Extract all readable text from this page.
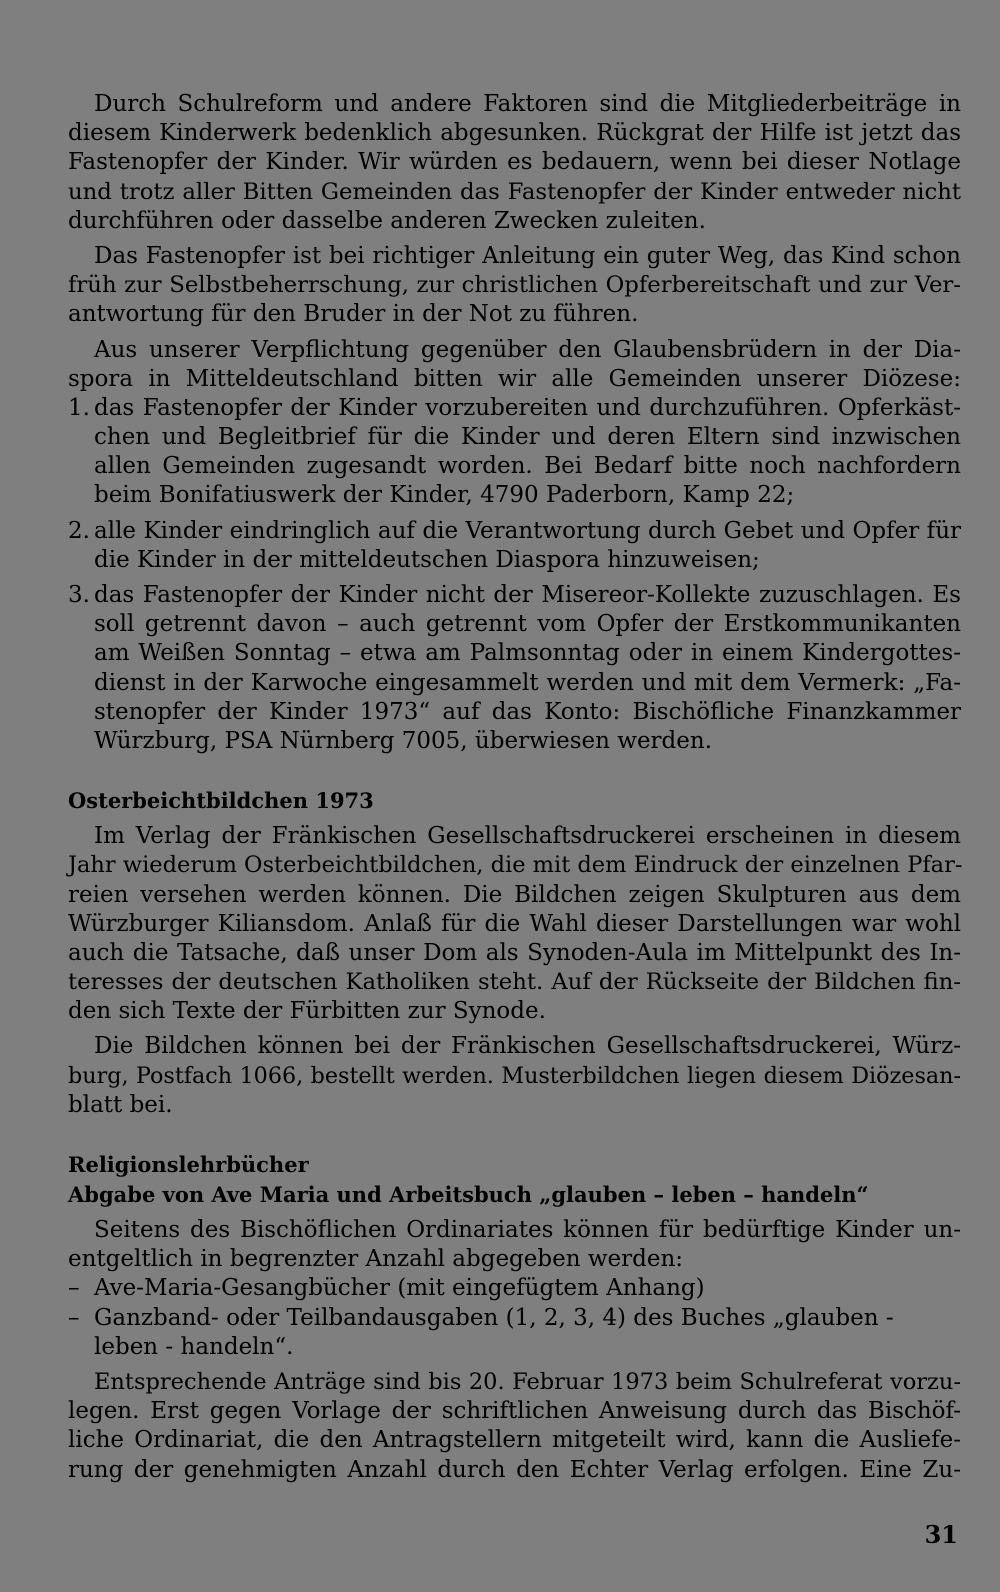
Durch Schulreform und andere Faktoren sind die Mitgliederbeiträge in
diesem Kinderwerk bedenklich abgesunken. Rückgrat der Hilfe ist jetzt das
Fastenopfer der Kinder. Wir würden es bedauern, wenn bei dieser Notlage
und trotz aller Bitten Gemeinden das Fastenopfer der Kinder entweder nicht
durchführen oder dasselbe anderen Zwecken zuleiten.
Das Fastenopfer ist bei richtiger Anleitung ein guter Weg, das Kind schon
früh zur Selbstbeherrschung, zur christlichen Opferbereitschaft und zur Ver-
antwortung für den Bruder in der Not zu führen.
Aus unserer Verpflichtung gegenüber den Glaubensbrüdern in der Dia-
spora in Mitteldeutschland bitten wir alle Gemeinden unserer Diözese:
1. das Fastenopfer der Kinder vorzubereiten und durchzuführen. Opferkäst-
chen und Begleitbrief für die Kinder und deren Eltern sind inzwischen
allen Gemeinden zugesandt worden. Bei Bedarf bitte noch nachfordern
beim Bonifatiuswerk der Kinder, 4790 Paderborn, Kamp 22;
2. alle Kinder eindringlich auf die Verantwortung durch Gebet und Opfer für
die Kinder in der mitteldeutschen Diaspora hinzuweisen;
3. das Fastenopfer der Kinder nicht der Misereor-Kollekte zuzuschlagen. Es
soll getrennt davon – auch getrennt vom Opfer der Erstkommunikanten
am Weißen Sonntag – etwa am Palmsonntag oder in einem Kindergottes-
dienst in der Karwoche eingesammelt werden und mit dem Vermerk: „Fa-
stenopfer der Kinder 1973“ auf das Konto: Bischöfliche Finanzkammer
Würzburg, PSA Nürnberg 7005, überwiesen werden.
Osterbeichtbildchen 1973
Im Verlag der Fränkischen Gesellschaftsdruckerei erscheinen in diesem
Jahr wiederum Osterbeichtbildchen, die mit dem Eindruck der einzelnen Pfar-
reien versehen werden können. Die Bildchen zeigen Skulpturen aus dem
Würzburger Kiliansdom. Anlaß für die Wahl dieser Darstellungen war wohl
auch die Tatsache, daß unser Dom als Synoden-Aula im Mittelpunkt des In-
teresses der deutschen Katholiken steht. Auf der Rückseite der Bildchen fin-
den sich Texte der Fürbitten zur Synode.
Die Bildchen können bei der Fränkischen Gesellschaftsdruckerei, Würz-
burg, Postfach 1066, bestellt werden. Musterbildchen liegen diesem Diözesan-
blatt bei.
Religionslehrbücher
Abgabe von Ave Maria und Arbeitsbuch „glauben – leben – handeln“
Seitens des Bischöflichen Ordinariates können für bedürftige Kinder un-
entgeltlich in begrenzter Anzahl abgegeben werden:
– Ave-Maria-Gesangbücher (mit eingefügtem Anhang)
– Ganzband- oder Teilbandausgaben (1, 2, 3, 4) des Buches „glauben -
leben - handeln“.
Entsprechende Anträge sind bis 20. Februar 1973 beim Schulreferat vorzu-
legen. Erst gegen Vorlage der schriftlichen Anweisung durch das Bischöf-
liche Ordinariat, die den Antragstellern mitgeteilt wird, kann die Ausliefe-
rung der genehmigten Anzahl durch den Echter Verlag erfolgen. Eine Zu-
31
